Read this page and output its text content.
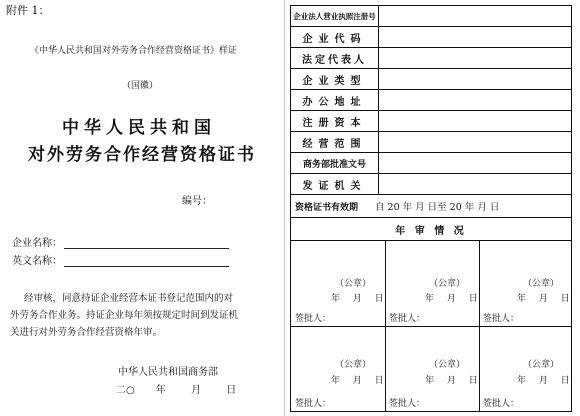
附件 1：
《中华人民共和国对外劳务合作经营资格证书》样证
（国徽）
中华人民共和国
对外劳务合作经营资格证书
编号：
企业名称：
英文名称：
经审核，同意持证企业经营本证书登记范围内的对
外劳务合作业务。持证企业每年须按规定时间到发证机
关进行对外劳务合作经营资格年审。
中华人民共和国商务部
二○ 年	月	日
企业法人营业执照注册号
企业代码
法定代表人
企业类型
办公地址
注册资本
经营范围
商务部批准文号
发证机关
资格证书有效期 自 20 年 月 日至 20 年 月 日
年 审 情 况
（公章）
年 月 日
签批人：
（公章）
年 月 日
签批人：
（公章）
年 月 日
签批人：
（公章）
年 月 日
签批人：
（公章）
年 月 日
签批人：
（公章）
年 月 日
签批人：
